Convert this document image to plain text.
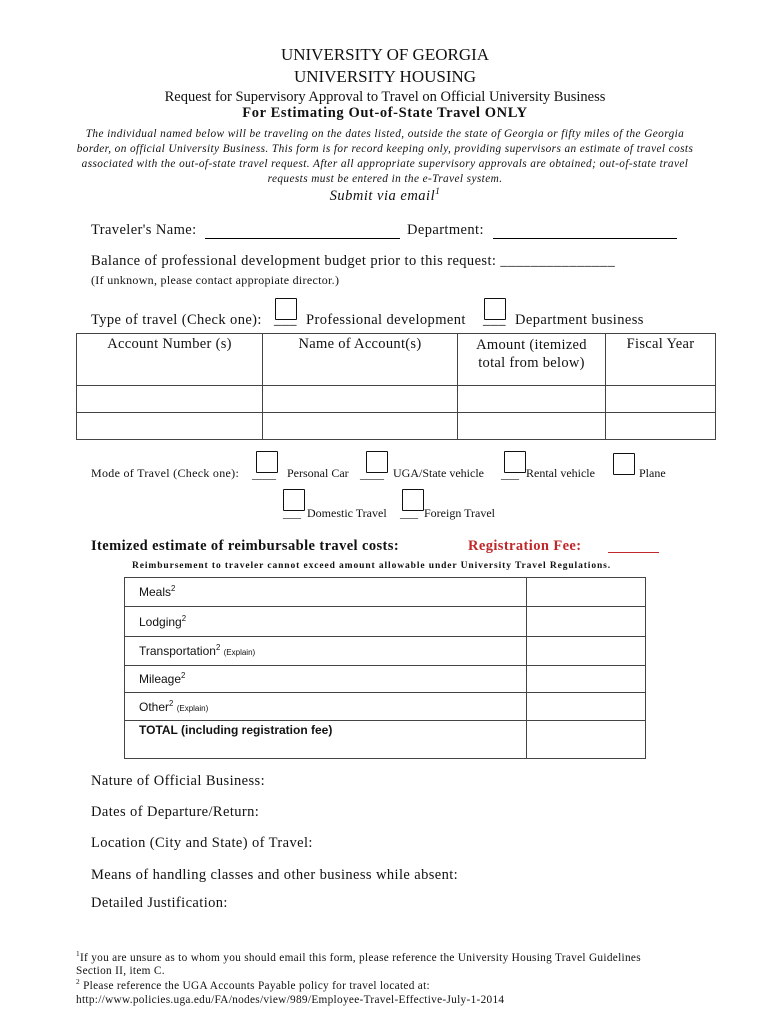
UNIVERSITY OF GEORGIA
UNIVERSITY HOUSING
Request for Supervisory Approval to Travel on Official University Business
For Estimating Out-of-State Travel ONLY
The individual named below will be traveling on the dates listed, outside the state of Georgia or fifty miles of the Georgia border, on official University Business. This form is for record keeping only, providing supervisors an estimate of travel costs associated with the out-of-state travel request. After all appropriate supervisory approvals are obtained; out-of-state travel requests must be entered in the e-Travel system.
Submit via email$^1$
Traveler's Name:	Department:
Balance of professional development budget prior to this request: _______________
(If unknown, please contact appropiate director.)
Type of travel (Check one): ___ Professional development ___ Department business
Account Number (s)	Name of Account(s)	Amount (itemized total from below)	Fiscal Year

Mode of Travel (Check one): ____ Personal Car ____ UGA/State vehicle ___ Rental vehicle	Plane
___ Domestic Travel ___ Foreign Travel
Itemized estimate of reimbursable travel costs:	Registration Fee:
Reimbursement to traveler cannot exceed amount allowable under University Travel Regulations.
Meals$^2$	
Lodging$^2$	
Transportation$^2$ (Explain)	
Mileage$^2$	
Other$^2$ (Explain)	
TOTAL (including registration fee)	
Nature of Official Business:
Dates of Departure/Return:
Location (City and State) of Travel:
Means of handling classes and other business while absent:
Detailed Justification:
$^1$If you are unsure as to whom you should email this form, please reference the University Housing Travel Guidelines
Section II, item C.
$^2$ Please reference the UGA Accounts Payable policy for travel located at:
http://www.policies.uga.edu/FA/nodes/view/989/Employee-Travel-Effective-July-1-2014
